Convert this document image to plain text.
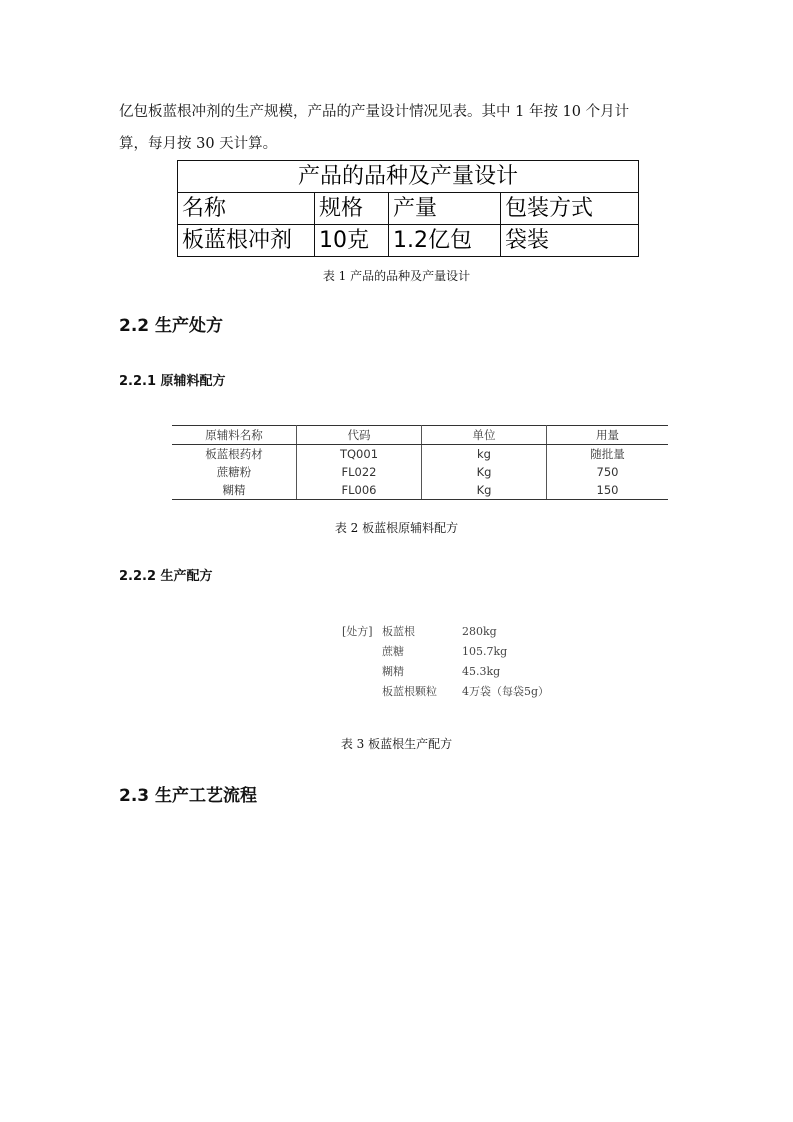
亿包板蓝根冲剂的生产规模，产品的产量设计情况见表。其中 1 年按 10 个月计

算，每月按 30 天计算。

产品的品种及产量设计			
名称	规格	产量	包装方式
板蓝根冲剂	10克	1.2亿包	袋装

表 1 产品的品种及产量设计

2.2 生产处方
2.2.1 原辅料配方
原辅料名称	代码	单位	用量
板蓝根药材	TQ001	kg	随批量
蔗糖粉	FL022	Kg	750
糊精	FL006	Kg	150

表 2 板蓝根原辅料配方

2.2.2 生产配方
[处方] 板蓝根	280kg
蔗糖	105.7kg
糊精	45.3kg
板蓝根颗粒 4万袋（每袋5g）

表 3 板蓝根生产配方

2.3 生产工艺流程
